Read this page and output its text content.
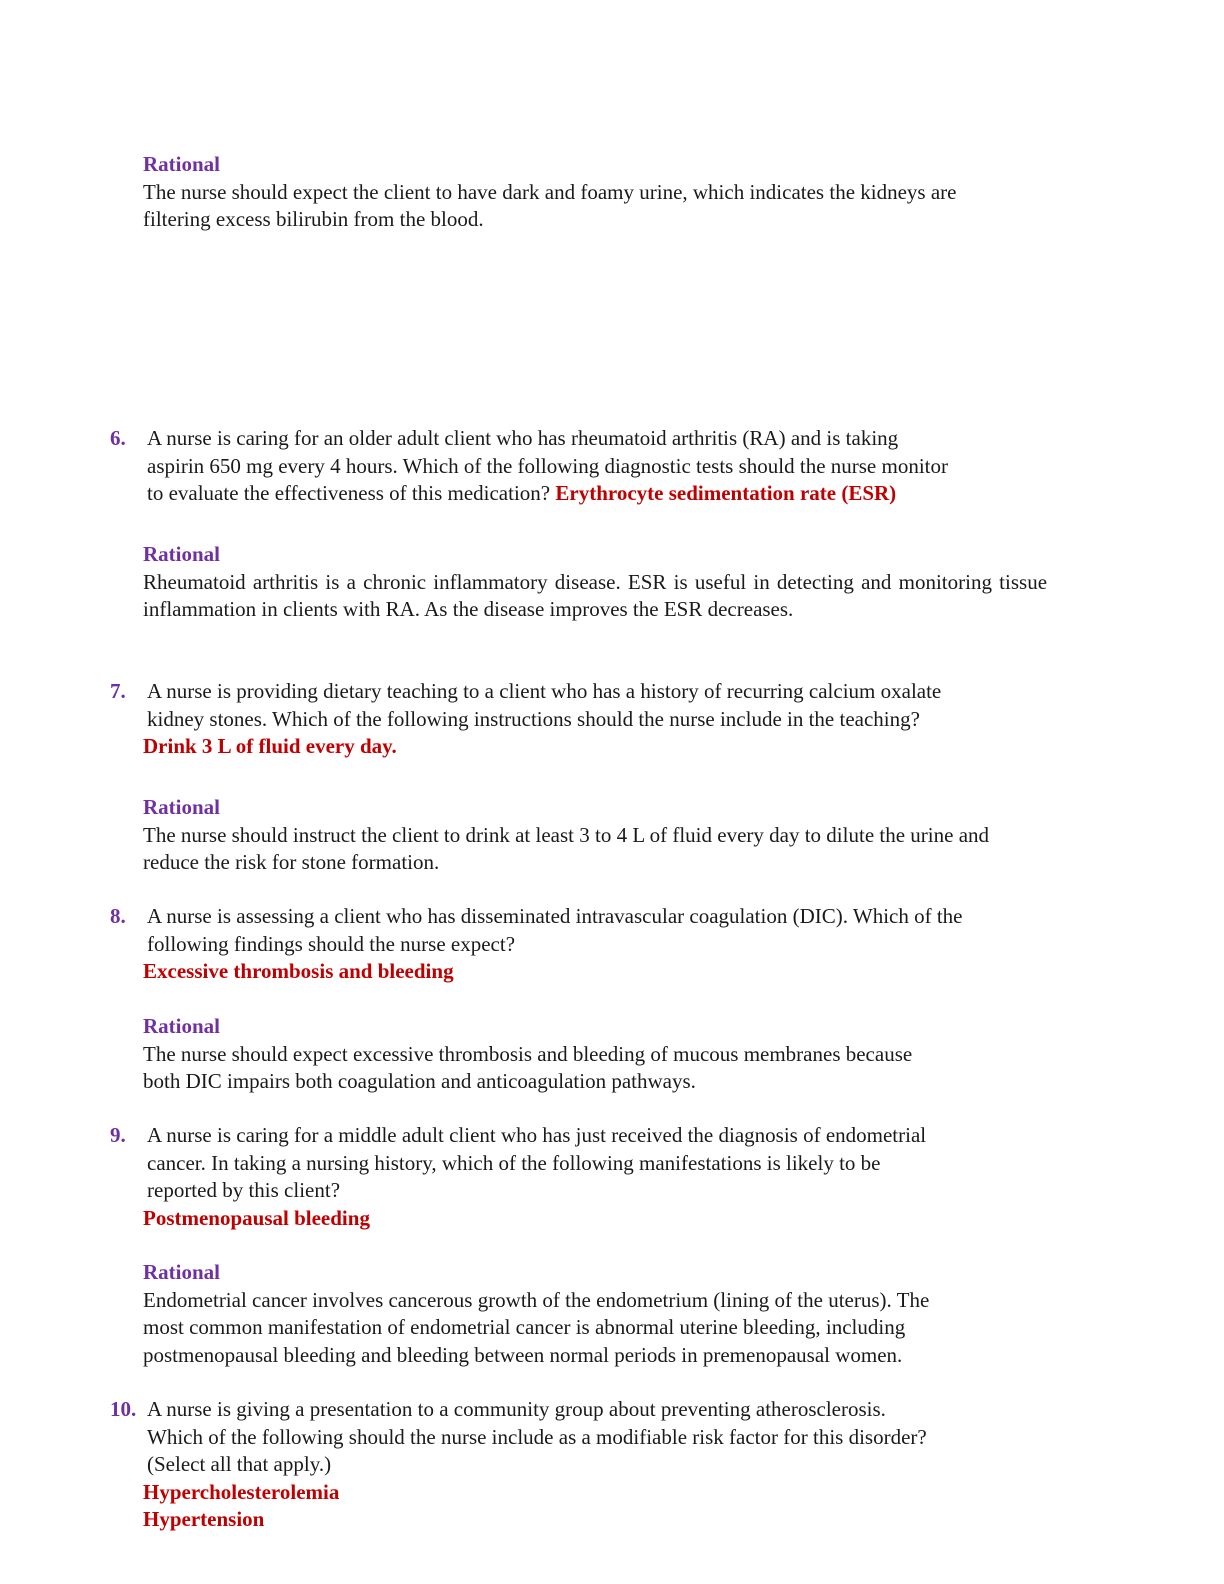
Rational
The nurse should expect the client to have dark and foamy urine, which indicates the kidneys are
filtering excess bilirubin from the blood.
6. A nurse is caring for an older adult client who has rheumatoid arthritis (RA) and is taking
aspirin 650 mg every 4 hours. Which of the following diagnostic tests should the nurse monitor
to evaluate the effectiveness of this medication? Erythrocyte sedimentation rate (ESR)
Rational
Rheumatoid arthritis is a chronic inflammatory disease. ESR is useful in detecting and monitoring tissue inflammation in clients with RA. As the disease improves the ESR decreases.
7. A nurse is providing dietary teaching to a client who has a history of recurring calcium oxalate
kidney stones. Which of the following instructions should the nurse include in the teaching?
Drink 3 L of fluid every day.
Rational
The nurse should instruct the client to drink at least 3 to 4 L of fluid every day to dilute the urine and
reduce the risk for stone formation.
8. A nurse is assessing a client who has disseminated intravascular coagulation (DIC). Which of the
following findings should the nurse expect?
Excessive thrombosis and bleeding
Rational
The nurse should expect excessive thrombosis and bleeding of mucous membranes because
both DIC impairs both coagulation and anticoagulation pathways.
9. A nurse is caring for a middle adult client who has just received the diagnosis of endometrial
cancer. In taking a nursing history, which of the following manifestations is likely to be
reported by this client?
Postmenopausal bleeding
Rational
Endometrial cancer involves cancerous growth of the endometrium (lining of the uterus). The
most common manifestation of endometrial cancer is abnormal uterine bleeding, including
postmenopausal bleeding and bleeding between normal periods in premenopausal women.
10. A nurse is giving a presentation to a community group about preventing atherosclerosis.
Which of the following should the nurse include as a modifiable risk factor for this disorder?
(Select all that apply.)
Hypercholesterolemia
Hypertension
